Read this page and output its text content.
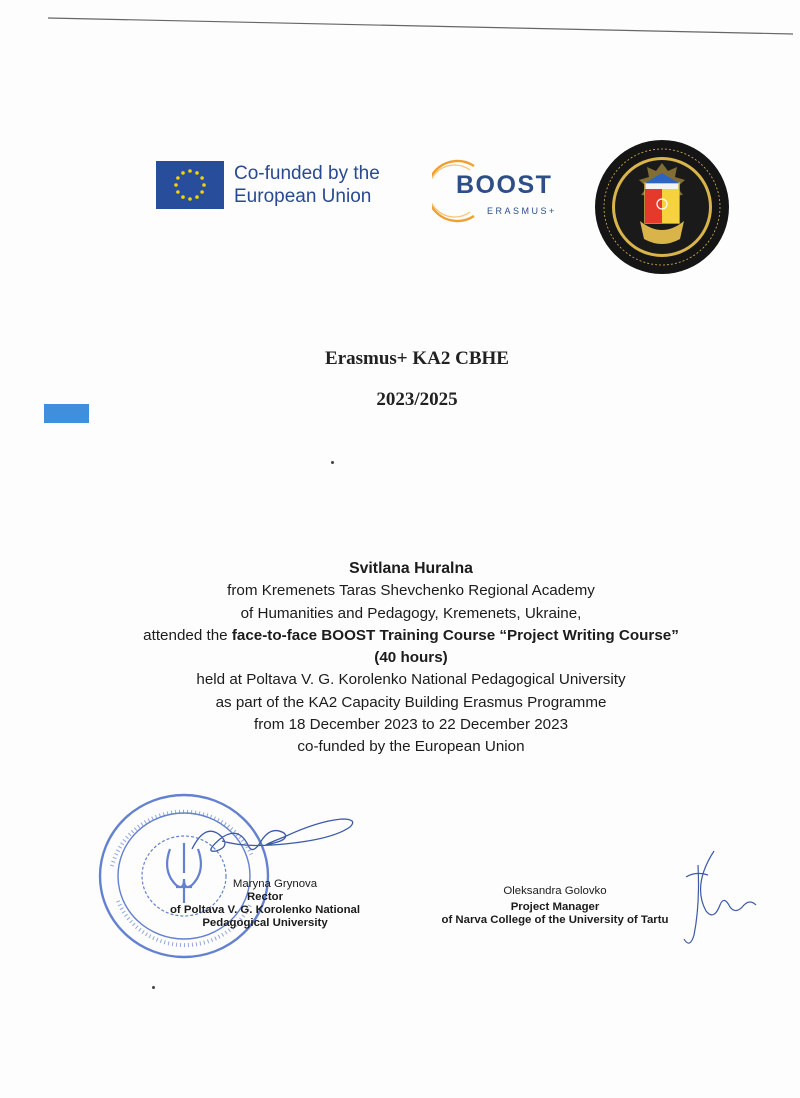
Co-funded by the
European Union	BOOST
ERASMUS+
Erasmus+ KA2 CBHE
2023/2025
Svitlana Huralna
from Kremenets Taras Shevchenko Regional Academy
of Humanities and Pedagogy, Kremenets, Ukraine,
attended the face-to-face BOOST Training Course “Project Writing Course”
(40 hours)
held at Poltava V. G. Korolenko National Pedagogical University
as part of the KA2 Capacity Building Erasmus Programme
from 18 December 2023 to 22 December 2023
co-funded by the European Union
Maryna Grynova
Rector
of Poltava V. G. Korolenko National
Pedagogical University
Oleksandra Golovko
Project Manager
of Narva College of the University of Tartu
